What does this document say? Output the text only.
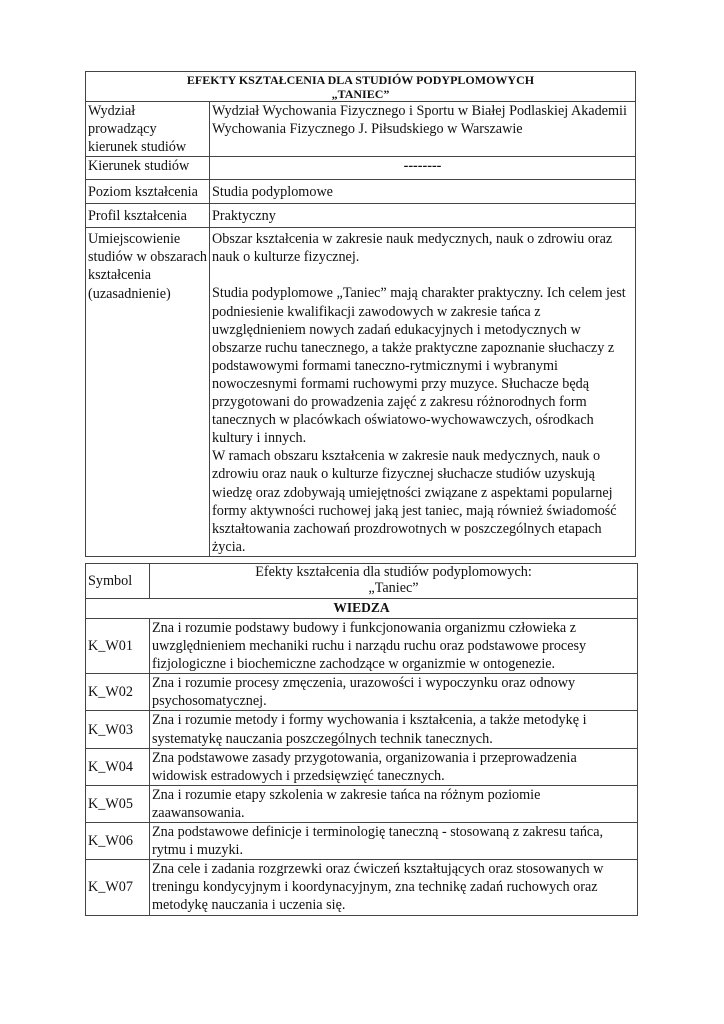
EFEKTY KSZTAŁCENIA DLA STUDIÓW PODYPLOMOWYCH
„TANIEC”	

Wydział prowadzący kierunek studiów	Wydział Wychowania Fizycznego i Sportu w Białej Podlaskiej Akademii Wychowania Fizycznego J. Piłsudskiego w Warszawie
Kierunek studiów	--------
Poziom kształcenia	Studia podyplomowe
Profil kształcenia	Praktyczny
Umiejscowienie studiów w obszarach kształcenia (uzasadnienie)	Obszar kształcenia w zakresie nauk medycznych, nauk o zdrowiu oraz nauk o kulturze fizycznej.
Studia podyplomowe „Taniec” mają charakter praktyczny. Ich celem jest podniesienie kwalifikacji zawodowych w zakresie tańca z uwzględnieniem nowych zadań edukacyjnych i metodycznych w obszarze ruchu tanecznego, a także praktyczne zapoznanie słuchaczy z podstawowymi formami taneczno-rytmicznymi i wybranymi nowoczesnymi formami ruchowymi przy muzyce. Słuchacze będą przygotowani do prowadzenia zajęć z zakresu różnorodnych form tanecznych w placówkach oświatowo-wychowawczych, ośrodkach kultury i innych.
W ramach obszaru kształcenia w zakresie nauk medycznych, nauk o zdrowiu oraz nauk o kulturze fizycznej słuchacze studiów uzyskują wiedzę oraz zdobywają umiejętności związane z aspektami popularnej formy aktywności ruchowej jaką jest taniec, mają również świadomość kształtowania zachowań prozdrowotnych w poszczególnych etapach życia.
Symbol	Efekty kształcenia dla studiów podyplomowych:
„Taniec”

WIEDZA	
K_W01	Zna i rozumie podstawy budowy i funkcjonowania organizmu człowieka z uwzględnieniem mechaniki ruchu i narządu ruchu oraz podstawowe procesy fizjologiczne i biochemiczne zachodzące w organizmie w ontogenezie.
K_W02	Zna i rozumie procesy zmęczenia, urazowości i wypoczynku oraz odnowy psychosomatycznej.
K_W03	Zna i rozumie metody i formy wychowania i kształcenia, a także metodykę i systematykę nauczania poszczególnych technik tanecznych.
K_W04	Zna podstawowe zasady przygotowania, organizowania i przeprowadzenia widowisk estradowych i przedsięwzięć tanecznych.
K_W05	Zna i rozumie etapy szkolenia w zakresie tańca na różnym poziomie zaawansowania.
K_W06	Zna podstawowe definicje i terminologię taneczną - stosowaną z zakresu tańca, rytmu i muzyki.
K_W07	Zna cele i zadania rozgrzewki oraz ćwiczeń kształtujących oraz stosowanych w treningu kondycyjnym i koordynacyjnym, zna technikę zadań ruchowych oraz metodykę nauczania i uczenia się.
